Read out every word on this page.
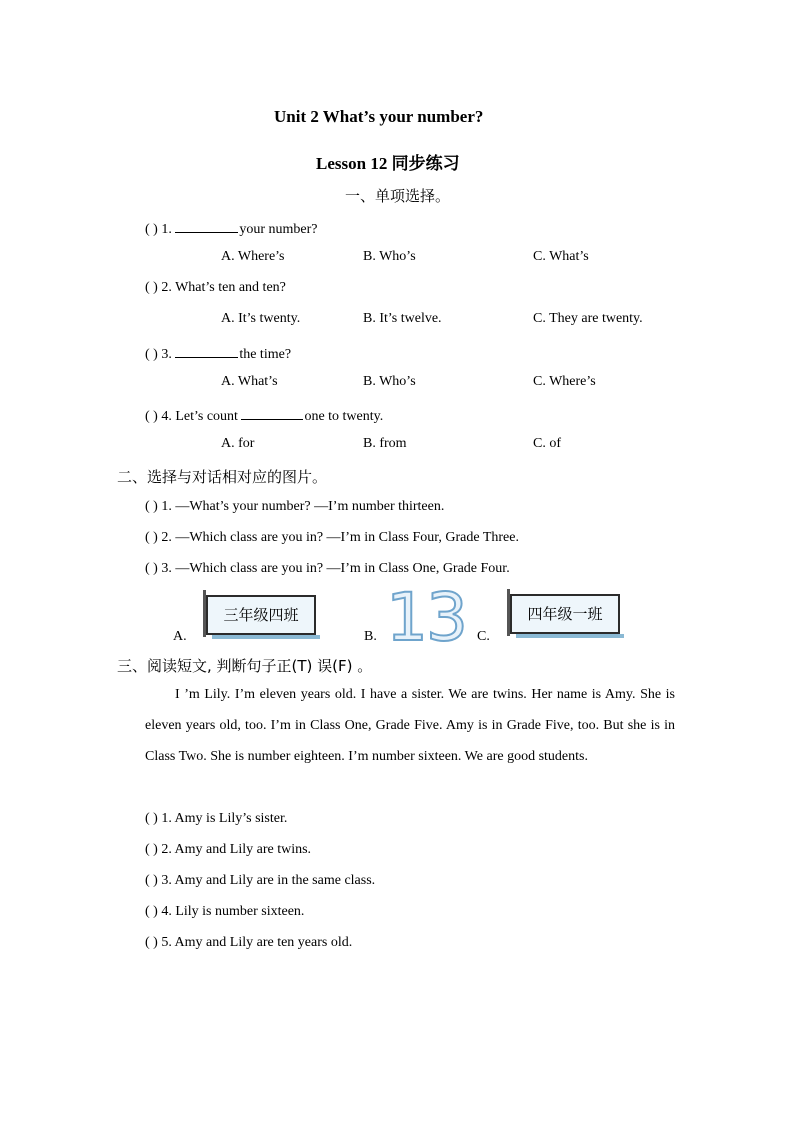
Unit 2 What’s your number?
Lesson 12 同步练习
一、单项选择。
( ) 1.	your number?
A. Where’s	B. Who’s	C. What’s
( ) 2. What’s ten and ten?
A. It’s twenty.	B. It’s twelve.	C. They are twenty.
( ) 3.	the time?
A. What’s	B. Who’s	C. Where’s
( ) 4. Let’s count	one to twenty.
A. for	B. from	C. of
二、选择与对话相对应的图片。
( ) 1. —What’s your number? —I’m number thirteen.
( ) 2. —Which class are you in? —I’m in Class Four, Grade Three.
( ) 3. —Which class are you in? —I’m in Class One, Grade Four.
A.
三年级四班
B. 13 C.
四年级一班
三、阅读短文, 判断句子正(T) 误(F) 。
I ’m Lily. I’m eleven years old. I have a sister. We are twins. Her name is Amy. She is eleven years old, too. I’m in Class One, Grade Five. Amy is in Grade Five, too. But she is in Class Two. She is number eighteen. I’m number sixteen. We are good students.
( ) 1. Amy is Lily’s sister.
( ) 2. Amy and Lily are twins.
( ) 3. Amy and Lily are in the same class.
( ) 4. Lily is number sixteen.
( ) 5. Amy and Lily are ten years old.
